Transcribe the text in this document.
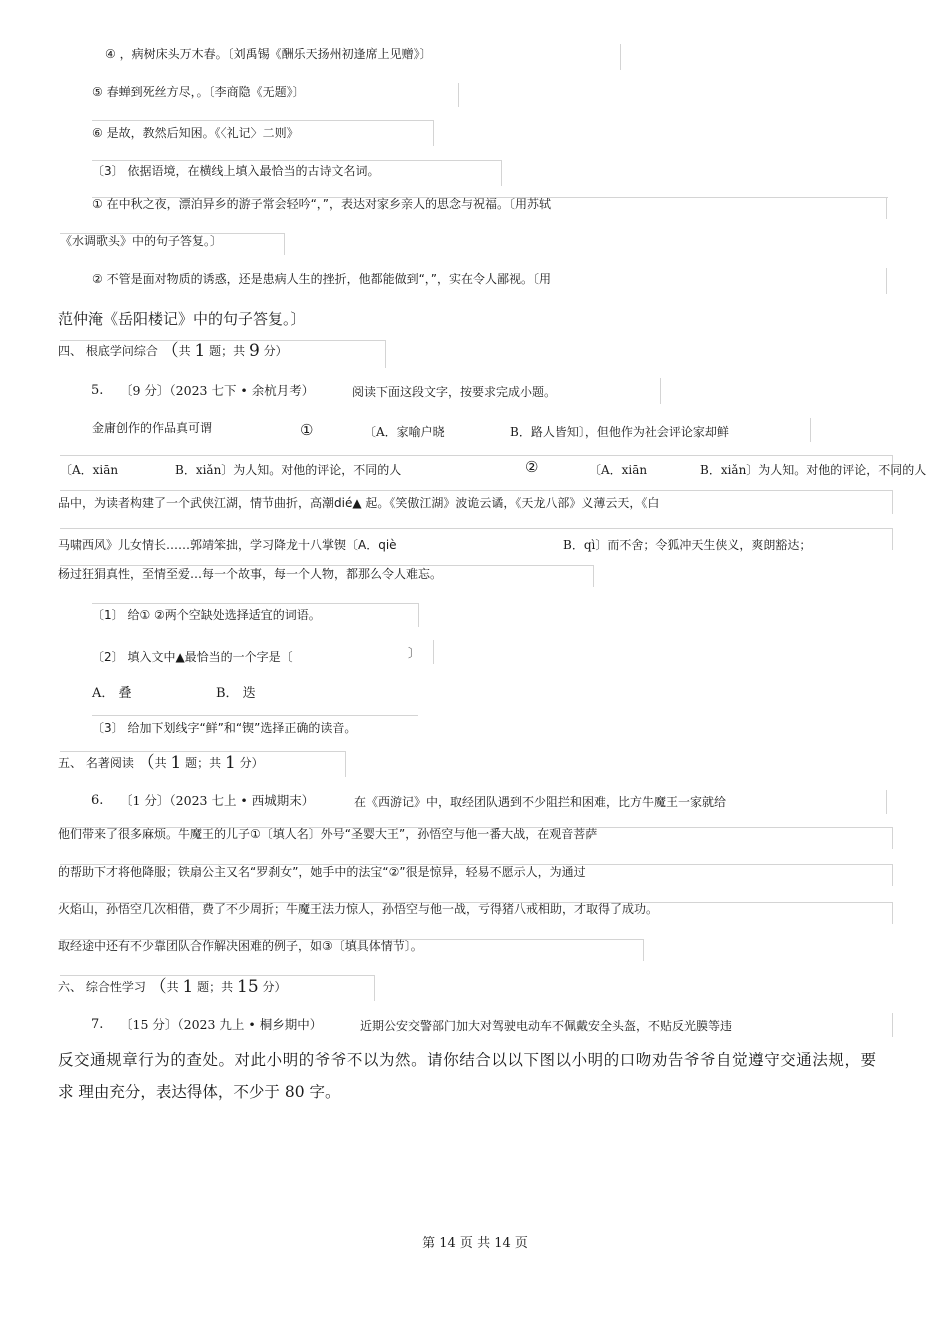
④ ，病树床头万木春。〔刘禹锡《酬乐天扬州初逢席上见赠》〕
⑤ 春蝉到死丝方尽，。〔李商隐《无题》〕
⑥ 是故，教然后知困。《〈礼记〉二则》
〔3〕 依据语境，在横线上填入最恰当的古诗文名词。
① 在中秋之夜，漂泊异乡的游子常会轻吟“，”，表达对家乡亲人的思念与祝福。〔用苏轼
《水调歌头》中的句子答复。〕
② 不管是面对物质的诱惑，还是患病人生的挫折，他都能做到“，”，实在令人鄙视。〔用
范仲淹《岳阳楼记》中的句子答复。〕
四、 根底学问综合 （共 1 题；共 9 分）
5. 〔9 分〕（2023 七下 • 余杭月考）	阅读下面这段文字，按要求完成小题。
金庸创作的作品真可谓	①	〔A．家喻户晓	B．路人皆知〕，但他作为社会评论家却鲜
〔A．xiān	B．xiǎn〕为人知。对他的评论，不同的人	②	〔A．xiān	B．xiǎn〕为人知。对他的评论，不同的人
品中，为读者构建了一个武侠江湖，情节曲折，高潮dié▲ 起。《笑傲江湖》波诡云谲，《天龙八部》义薄云天，《白
马啸西风》儿女情长……郭靖笨拙，学习降龙十八掌锲〔A．qiè	B．qì〕而不舍；令狐冲天生侠义，爽朗豁达；
杨过狂狷真性，至情至爱…每一个故事，每一个人物，都那么令人难忘。
〔1〕 给① ②两个空缺处选择适宜的词语。
〔2〕 填入文中▲最恰当的一个字是〔	〕
A． 叠	B． 迭
〔3〕 给加下划线字“鲜”和“锲”选择正确的读音。
五、 名著阅读 （共 1 题；共 1 分）
6. 〔1 分〕（2023 七上 • 西城期末）	在《西游记》中，取经团队遇到不少阻拦和困难，比方牛魔王一家就给
他们带来了很多麻烦。牛魔王的儿子①〔填人名〕外号“圣婴大王”，孙悟空与他一番大战，在观音菩萨
的帮助下才将他降服；铁扇公主又名“罗刹女”，她手中的法宝“②”很是惊异，轻易不愿示人，为通过
火焰山，孙悟空几次相借，费了不少周折；牛魔王法力惊人，孙悟空与他一战，亏得猪八戒相助，才取得了成功。
取经途中还有不少靠团队合作解决困难的例子，如③〔填具体情节〕。
六、 综合性学习 （共 1 题；共 15 分）
7. 〔15 分〕（2023 九上 • 桐乡期中）	近期公安交警部门加大对驾驶电动车不佩戴安全头盔，不贴反光膜等违
反交通规章行为的查处。对此小明的爷爷不以为然。请你结合以以下图以小明的口吻劝告爷爷自觉遵守交通法规，要
求 理由充分，表达得体，不少于 80 字。
第 14 页 共 14 页
